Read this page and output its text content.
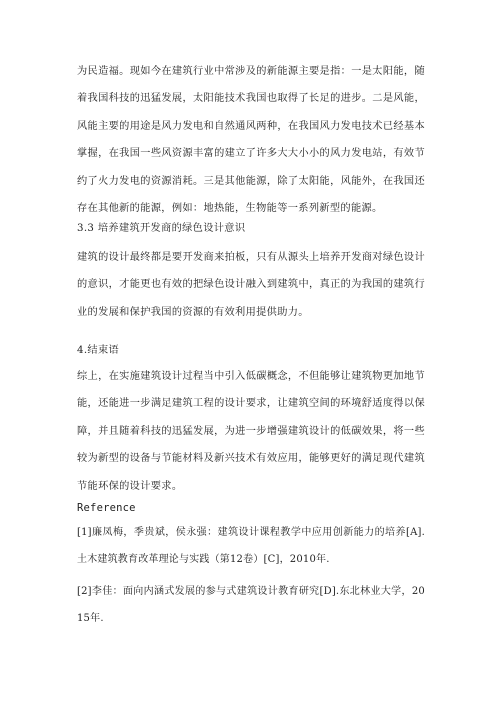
为民造福。现如今在建筑行业中常涉及的新能源主要是指：一是太阳能，随着我国科技的迅猛发展，太阳能技术我国也取得了长足的进步。二是风能，风能主要的用途是风力发电和自然通风两种，在我国风力发电技术已经基本掌握，在我国一些风资源丰富的建立了许多大大小小的风力发电站，有效节约了火力发电的资源消耗。三是其他能源，除了太阳能，风能外，在我国还存在其他新的能源，例如：地热能，生物能等一系列新型的能源。

3.3 培养建筑开发商的绿色设计意识

建筑的设计最终都是要开发商来拍板，只有从源头上培养开发商对绿色设计的意识，才能更也有效的把绿色设计融入到建筑中，真正的为我国的建筑行业的发展和保护我国的资源的有效利用提供助力。

4.结束语

综上，在实施建筑设计过程当中引入低碳概念，不但能够让建筑物更加地节能，还能进一步满足建筑工程的设计要求，让建筑空间的环境舒适度得以保障，并且随着科技的迅猛发展，为进一步增强建筑设计的低碳效果，将一些较为新型的设备与节能材料及新兴技术有效应用，能够更好的满足现代建筑节能环保的设计要求。

Reference

[1]廉凤梅，季贵斌，侯永强：建筑设计课程教学中应用创新能力的培养[A].土木建筑教育改革理论与实践（第12卷）[C]，2010年.

[2]李佳：面向内涵式发展的参与式建筑设计教育研究[D].东北林业大学，2015年.
